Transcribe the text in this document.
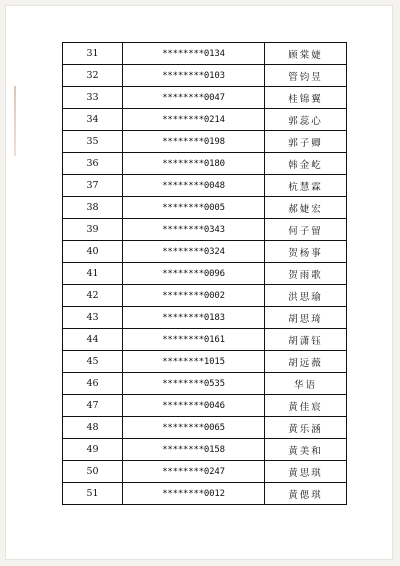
31	********0134	顾棠婕
32	********0103	管钧昱
33	********0047	桂锦翼
34	********0214	郭蕊心
35	********0198	郭子卿
36	********0180	韩金屹
37	********0048	杭慧霖
38	********0005	郝婕宏
39	********0343	何子留
40	********0324	贺杨事
41	********0096	贺雨歌
42	********0002	洪思瑜
43	********0183	胡思琦
44	********0161	胡潇钰
45	********1015	胡远薇
46	********0535	华语
47	********0046	黄佳宸
48	********0065	黄乐涵
49	********0158	黄美和
50	********0247	黄思琪
51	********0012	黄偲琪
